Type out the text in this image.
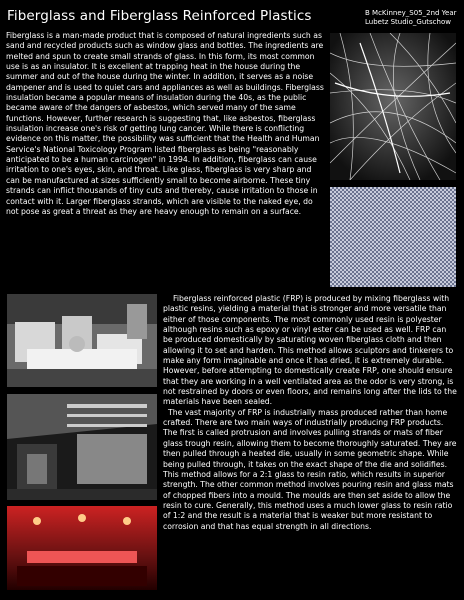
Fiberglass and Fiberglass Reinforced Plastics	B McKinney_S05_2nd Year
Lubetz Studio_Gutschow
Fiberglass is a man-made product that is composed of natural ingredients such as sand and recycled products such as window glass and bottles. The ingredients are melted and spun to create small strands of glass. In this form, its most common use is as an insulator. It is excellent at trapping heat in the house during the summer and out of the house during the winter. In addition, it serves as a noise dampener and is used to quiet cars and appliances as well as buildings. Fiberglass insulation became a popular means of insulation during the 40s, as the public became aware of the dangers of asbestos, which served many of the same functions. However, further research is suggesting that, like asbestos, fiberglass insulation increase one's risk of getting lung cancer. While there is conflicting evidence on this matter, the possibility was sufficient that the Health and Human Service's National Toxicology Program listed fiberglass as being "reasonably anticipated to be a human carcinogen" in 1994. In addition, fiberglass can cause irritation to one's eyes, skin, and throat. Like glass, fiberglass is very sharp and can be manufactured at sizes sufficiently small to become airborne. These tiny strands can inflict thousands of tiny cuts and thereby, cause irritation to those in contact with it. Larger fiberglass strands, which are visible to the naked eye, do not pose as great a threat as they are heavy enough to remain on a surface.

Fiberglass reinforced plastic (FRP) is produced by mixing fiberglass with plastic resins, yielding a material that is stronger and more versatile than either of those components. The most commonly used resin is polyester although resins such as epoxy or vinyl ester can be used as well. FRP can be produced domestically by saturating woven fiberglass cloth and then allowing it to set and harden. This method allows sculptors and tinkerers to make any form imaginable and once it has dried, it is extremely durable. However, before attempting to domestically create FRP, one should ensure that they are working in a well ventilated area as the odor is very strong, is not restrained by doors or even floors, and remains long after the lids to the materials have been sealed.

The vast majority of FRP is industrially mass produced rather than home crafted. There are two main ways of industrially producing FRP products. The first is called protrusion and involves pulling strands or mats of fiber glass trough resin, allowing them to become thoroughly saturated. They are then pulled through a heated die, usually in some geometric shape. While being pulled through, it takes on the exact shape of the die and solidifies. This method allows for a 2:1 glass to resin ratio, which results in superior strength. The other common method involves pouring resin and glass mats of chopped fibers into a mould. The moulds are then set aside to allow the resin to cure. Generally, this method uses a much lower glass to resin ratio of 1:2 and the result is a material that is weaker but more resistant to corrosion and that has equal strength in all directions.
